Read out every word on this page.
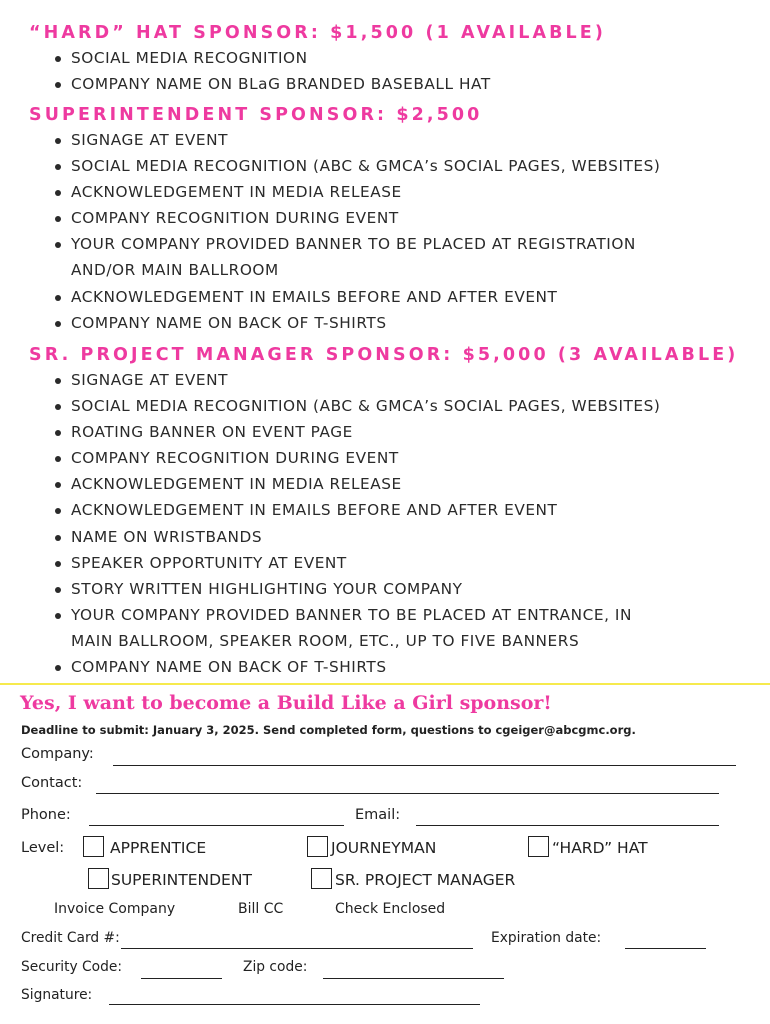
“HARD” HAT SPONSOR: $1,500 (1 AVAILABLE)
SOCIAL MEDIA RECOGNITION
COMPANY NAME ON BLaG BRANDED BASEBALL HAT
SUPERINTENDENT SPONSOR: $2,500
SIGNAGE AT EVENT
SOCIAL MEDIA RECOGNITION (ABC & GMCA’s SOCIAL PAGES, WEBSITES)
ACKNOWLEDGEMENT IN MEDIA RELEASE
COMPANY RECOGNITION DURING EVENT
YOUR COMPANY PROVIDED BANNER TO BE PLACED AT REGISTRATION
AND/OR MAIN BALLROOM
ACKNOWLEDGEMENT IN EMAILS BEFORE AND AFTER EVENT
COMPANY NAME ON BACK OF T-SHIRTS
SR. PROJECT MANAGER SPONSOR: $5,000 (3 AVAILABLE)
SIGNAGE AT EVENT
SOCIAL MEDIA RECOGNITION (ABC & GMCA’s SOCIAL PAGES, WEBSITES)
ROATING BANNER ON EVENT PAGE
COMPANY RECOGNITION DURING EVENT
ACKNOWLEDGEMENT IN MEDIA RELEASE
ACKNOWLEDGEMENT IN EMAILS BEFORE AND AFTER EVENT
NAME ON WRISTBANDS
SPEAKER OPPORTUNITY AT EVENT
STORY WRITTEN HIGHLIGHTING YOUR COMPANY
YOUR COMPANY PROVIDED BANNER TO BE PLACED AT ENTRANCE, IN
MAIN BALLROOM, SPEAKER ROOM, ETC., UP TO FIVE BANNERS
COMPANY NAME ON BACK OF T-SHIRTS
Yes, I want to become a Build Like a Girl sponsor!
Deadline to submit: January 3, 2025. Send completed form, questions to cgeiger@abcgmc.org.
Company:
Contact:
Phone:	Email:
Level:	APPRENTICE	JOURNEYMAN	“HARD” HAT
SUPERINTENDENT	SR. PROJECT MANAGER
Invoice Company	Bill CC	Check Enclosed
Credit Card #:	Expiration date:
Security Code:	Zip code:
Signature:
